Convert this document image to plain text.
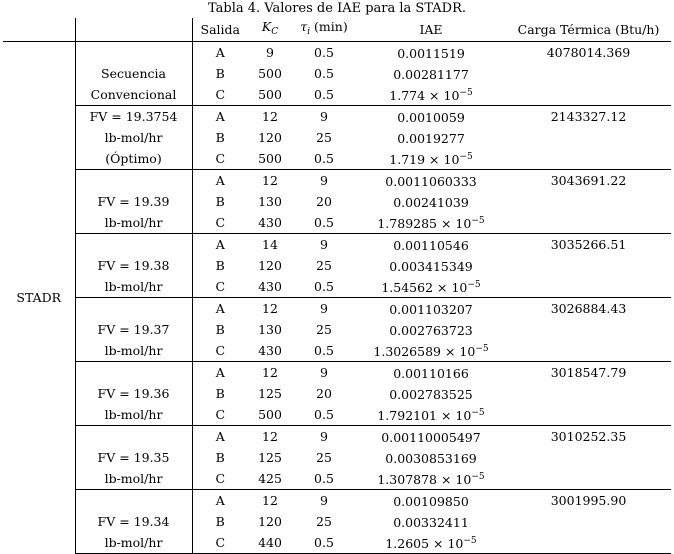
Tabla 4. Valores de IAE para la STADR.
		Salida	$K_C$	$\tau_i$ (min)	IAE	Carga Térmica (Btu/h)
STADR		A	9	0.5	0.0011519	4078014.369
	Secuencia	B	500	0.5	0.00281177	
	Convencional	C	500	0.5	$1.774 \times 10^{-5}$	
	FV = 19.3754	A	12	9	0.0010059	2143327.12
	lb-mol/hr	B	120	25	0.0019277	
	(Óptimo)	C	500	0.5	$1.719 \times 10^{-5}$	
		A	12	9	0.0011060333	3043691.22
	FV = 19.39	B	130	20	0.00241039	
	lb-mol/hr	C	430	0.5	$1.789285 \times 10^{-5}$	
		A	14	9	0.00110546	3035266.51
	FV = 19.38	B	120	25	0.003415349	
	lb-mol/hr	C	430	0.5	$1.54562 \times 10^{-5}$	
		A	12	9	0.001103207	3026884.43
	FV = 19.37	B	130	25	0.002763723	
	lb-mol/hr	C	430	0.5	$1.3026589 \times 10^{-5}$	
		A	12	9	0.00110166	3018547.79
	FV = 19.36	B	125	20	0.002783525	
	lb-mol/hr	C	500	0.5	$1.792101 \times 10^{-5}$	
		A	12	9	0.00110005497	3010252.35
	FV = 19.35	B	125	25	0.0030853169	
	lb-mol/hr	C	425	0.5	$1.307878 \times 10^{-5}$	
		A	12	9	0.00109850	3001995.90
	FV = 19.34	B	120	25	0.00332411	
	lb-mol/hr	C	440	0.5	$1.2605 \times 10^{-5}$	
